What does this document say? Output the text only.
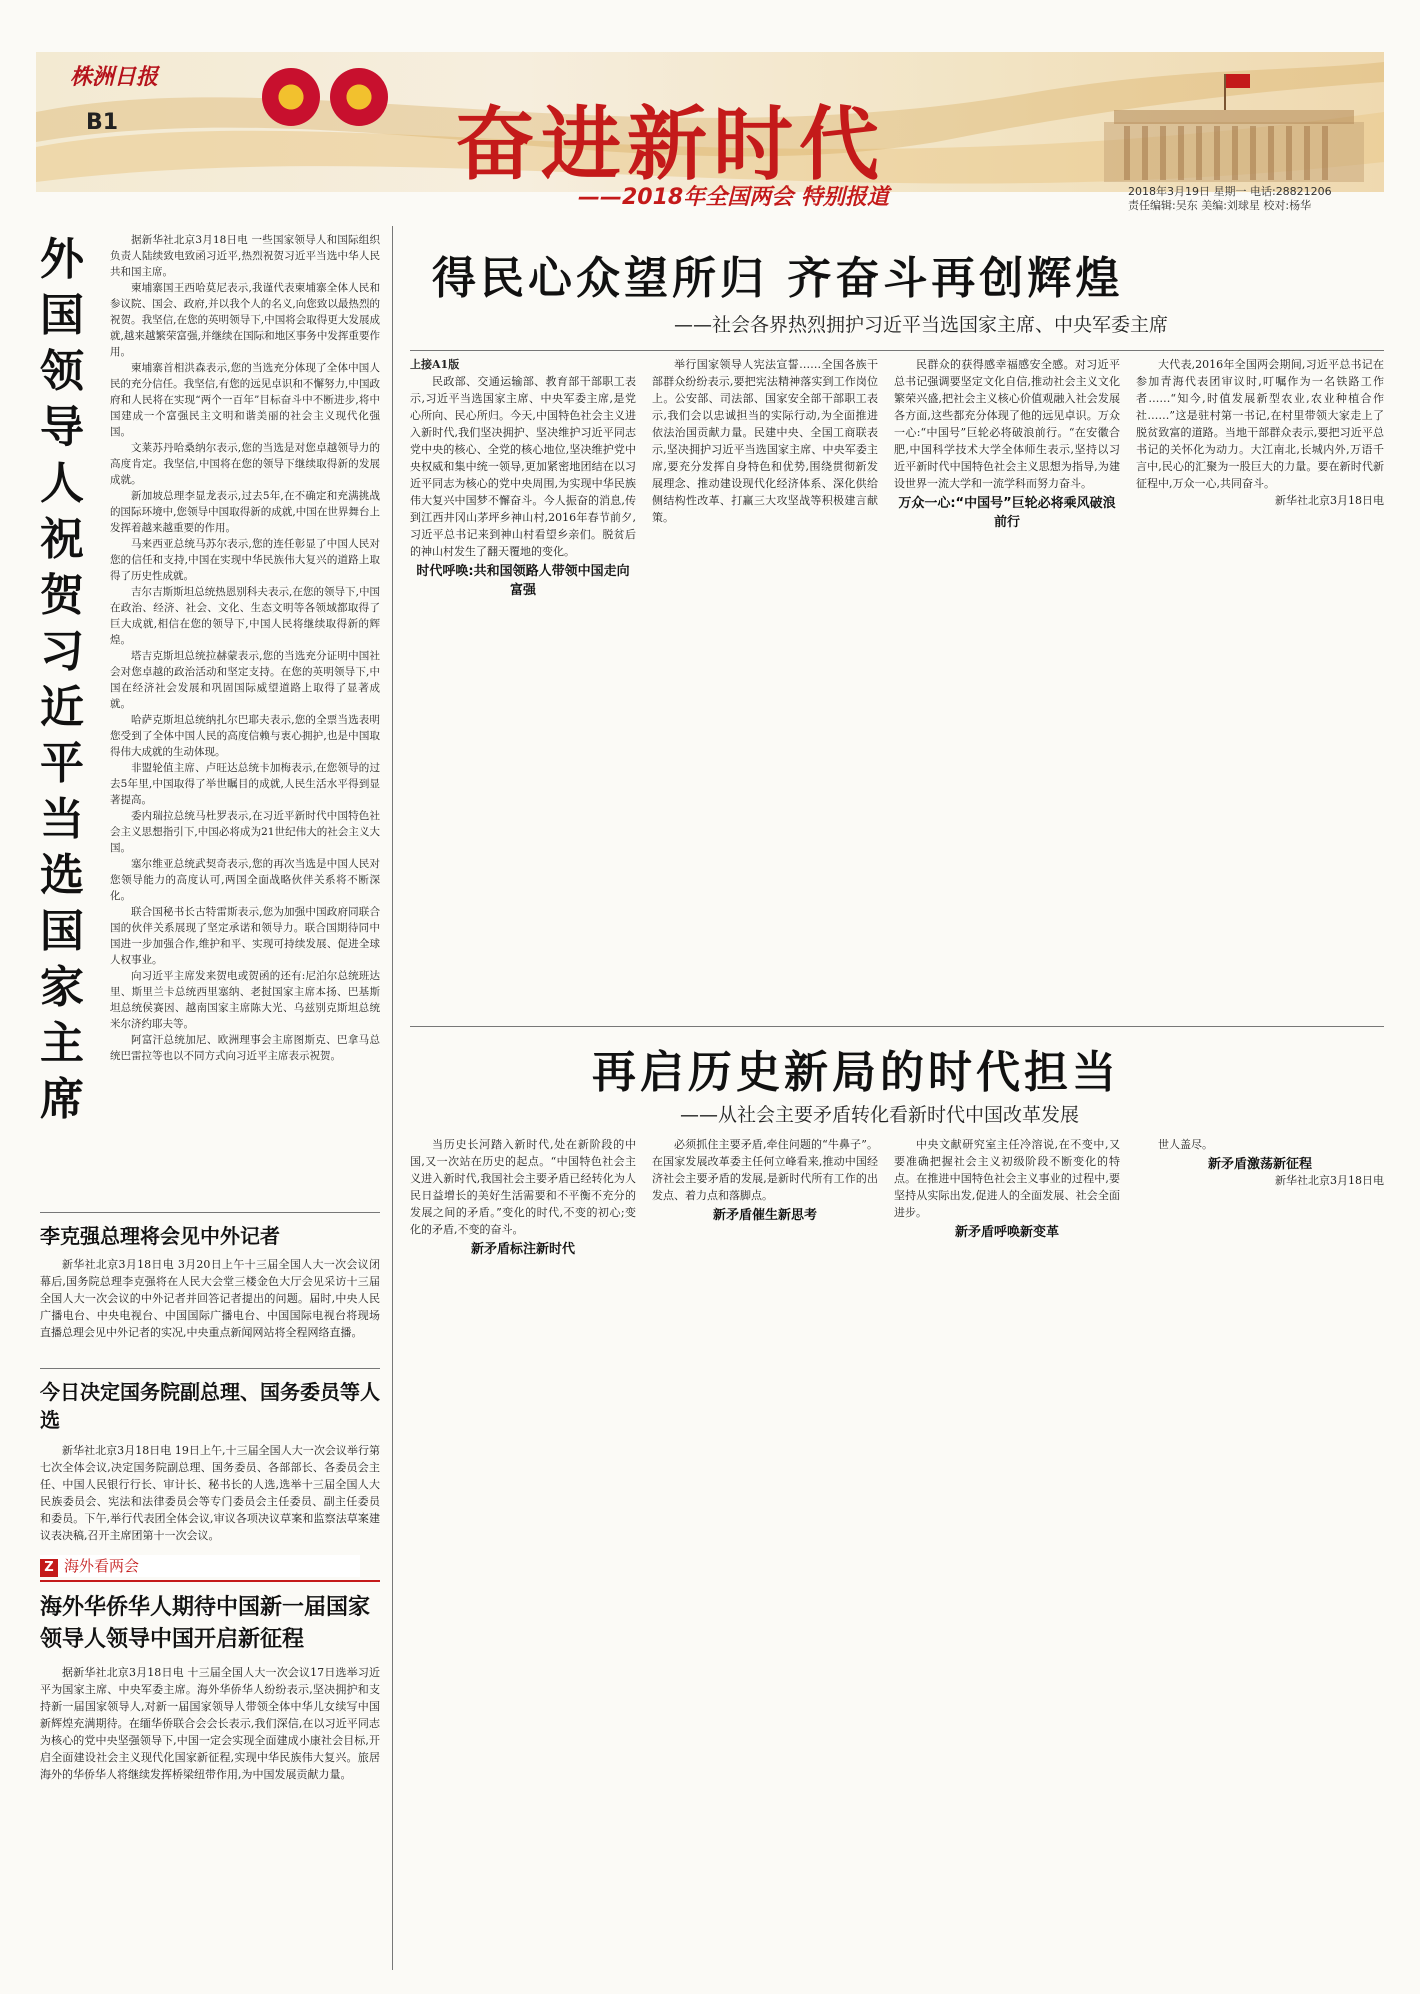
株洲日报
B1	奋进新时代
——2018年全国两会 特别报道	2018年3月19日 星期一 电话:28821206
责任编辑:吴东 美编:刘球星 校对:杨华
外国领导人祝贺习近平当选国家主席

据新华社北京3月18日电 一些国家领导人和国际组织负责人陆续致电致函习近平,热烈祝贺习近平当选中华人民共和国主席。

柬埔寨国王西哈莫尼表示,我谨代表柬埔寨全体人民和参议院、国会、政府,并以我个人的名义,向您致以最热烈的祝贺。我坚信,在您的英明领导下,中国将会取得更大发展成就,越来越繁荣富强,并继续在国际和地区事务中发挥重要作用。

柬埔寨首相洪森表示,您的当选充分体现了全体中国人民的充分信任。我坚信,有您的远见卓识和不懈努力,中国政府和人民将在实现“两个一百年”目标奋斗中不断进步,将中国建成一个富强民主文明和谐美丽的社会主义现代化强国。

文莱苏丹哈桑纳尔表示,您的当选是对您卓越领导力的高度肯定。我坚信,中国将在您的领导下继续取得新的发展成就。

新加坡总理李显龙表示,过去5年,在不确定和充满挑战的国际环境中,您领导中国取得新的成就,中国在世界舞台上发挥着越来越重要的作用。

马来西亚总统马苏尔表示,您的连任彰显了中国人民对您的信任和支持,中国在实现中华民族伟大复兴的道路上取得了历史性成就。

吉尔吉斯斯坦总统热恩别科夫表示,在您的领导下,中国在政治、经济、社会、文化、生态文明等各领域都取得了巨大成就,相信在您的领导下,中国人民将继续取得新的辉煌。

塔吉克斯坦总统拉赫蒙表示,您的当选充分证明中国社会对您卓越的政治活动和坚定支持。在您的英明领导下,中国在经济社会发展和巩固国际威望道路上取得了显著成就。

哈萨克斯坦总统纳扎尔巴耶夫表示,您的全票当选表明您受到了全体中国人民的高度信赖与衷心拥护,也是中国取得伟大成就的生动体现。

非盟轮值主席、卢旺达总统卡加梅表示,在您领导的过去5年里,中国取得了举世瞩目的成就,人民生活水平得到显著提高。

委内瑞拉总统马杜罗表示,在习近平新时代中国特色社会主义思想指引下,中国必将成为21世纪伟大的社会主义大国。

塞尔维亚总统武契奇表示,您的再次当选是中国人民对您领导能力的高度认可,两国全面战略伙伴关系将不断深化。

联合国秘书长古特雷斯表示,您为加强中国政府同联合国的伙伴关系展现了坚定承诺和领导力。联合国期待同中国进一步加强合作,维护和平、实现可持续发展、促进全球人权事业。

向习近平主席发来贺电或贺函的还有:尼泊尔总统班达里、斯里兰卡总统西里塞纳、老挝国家主席本扬、巴基斯坦总统侯赛因、越南国家主席陈大光、乌兹别克斯坦总统米尔济约耶夫等。

阿富汗总统加尼、欧洲理事会主席图斯克、巴拿马总统巴雷拉等也以不同方式向习近平主席表示祝贺。

李克强总理将会见中外记者

新华社北京3月18日电 3月20日上午十三届全国人大一次会议闭幕后,国务院总理李克强将在人民大会堂三楼金色大厅会见采访十三届全国人大一次会议的中外记者并回答记者提出的问题。届时,中央人民广播电台、中央电视台、中国国际广播电台、中国国际电视台将现场直播总理会见中外记者的实况,中央重点新闻网站将全程网络直播。

今日决定国务院副总理、国务委员等人选

新华社北京3月18日电 19日上午,十三届全国人大一次会议举行第七次全体会议,决定国务院副总理、国务委员、各部部长、各委员会主任、中国人民银行行长、审计长、秘书长的人选,选举十三届全国人大民族委员会、宪法和法律委员会等专门委员会主任委员、副主任委员和委员。下午,举行代表团全体会议,审议各项决议草案和监察法草案建议表决稿,召开主席团第十一次会议。

Z 海外看两会
海外华侨华人期待中国新一届国家领导人领导中国开启新征程

据新华社北京3月18日电 十三届全国人大一次会议17日选举习近平为国家主席、中央军委主席。海外华侨华人纷纷表示,坚决拥护和支持新一届国家领导人,对新一届国家领导人带领全体中华儿女续写中国新辉煌充满期待。在缅华侨联合会会长表示,我们深信,在以习近平同志为核心的党中央坚强领导下,中国一定会实现全面建成小康社会目标,开启全面建设社会主义现代化国家新征程,实现中华民族伟大复兴。旅居海外的华侨华人将继续发挥桥梁纽带作用,为中国发展贡献力量。

得民心众望所归 齐奋斗再创辉煌
——社会各界热烈拥护习近平当选国家主席、中央军委主席

上接A1版

民政部、交通运输部、教育部干部职工表示,习近平当选国家主席、中央军委主席,是党心所向、民心所归。今天,中国特色社会主义进入新时代,我们坚决拥护、坚决维护习近平同志党中央的核心、全党的核心地位,坚决维护党中央权威和集中统一领导,更加紧密地团结在以习近平同志为核心的党中央周围,为实现中华民族伟大复兴中国梦不懈奋斗。今人振奋的消息,传到江西井冈山茅坪乡神山村,2016年春节前夕,习近平总书记来到神山村看望乡亲们。脱贫后的神山村发生了翻天覆地的变化。

时代呼唤:共和国领路人带领中国走向富强

举行国家领导人宪法宣誓……全国各族干部群众纷纷表示,要把宪法精神落实到工作岗位上。公安部、司法部、国家安全部干部职工表示,我们会以忠诚担当的实际行动,为全面推进依法治国贡献力量。民建中央、全国工商联表示,坚决拥护习近平当选国家主席、中央军委主席,要充分发挥自身特色和优势,围绕贯彻新发展理念、推动建设现代化经济体系、深化供给侧结构性改革、打赢三大攻坚战等积极建言献策。

民群众的获得感幸福感安全感。对习近平总书记强调要坚定文化自信,推动社会主义文化繁荣兴盛,把社会主义核心价值观融入社会发展各方面,这些都充分体现了他的远见卓识。万众一心:“中国号”巨轮必将破浪前行。“在安徽合肥,中国科学技术大学全体师生表示,坚持以习近平新时代中国特色社会主义思想为指导,为建设世界一流大学和一流学科而努力奋斗。

万众一心:“中国号”巨轮必将乘风破浪前行

大代表,2016年全国两会期间,习近平总书记在参加青海代表团审议时,叮嘱作为一名铁路工作者……“知今,时值发展新型农业,农业种植合作社……”这是驻村第一书记,在村里带领大家走上了脱贫致富的道路。当地干部群众表示,要把习近平总书记的关怀化为动力。大江南北,长城内外,万语千言中,民心的汇聚为一股巨大的力量。要在新时代新征程中,万众一心,共同奋斗。

新华社北京3月18日电

再启历史新局的时代担当
——从社会主要矛盾转化看新时代中国改革发展

当历史长河踏入新时代,处在新阶段的中国,又一次站在历史的起点。“中国特色社会主义进入新时代,我国社会主要矛盾已经转化为人民日益增长的美好生活需要和不平衡不充分的发展之间的矛盾。”变化的时代,不变的初心;变化的矛盾,不变的奋斗。

新矛盾标注新时代

必须抓住主要矛盾,牵住问题的“牛鼻子”。在国家发展改革委主任何立峰看来,推动中国经济社会主要矛盾的发展,是新时代所有工作的出发点、着力点和落脚点。

新矛盾催生新思考

中央文献研究室主任冷溶说,在不变中,又要准确把握社会主义初级阶段不断变化的特点。在推进中国特色社会主义事业的过程中,要坚持从实际出发,促进人的全面发展、社会全面进步。

新矛盾呼唤新变革

世人盖尽。

新矛盾激荡新征程

新华社北京3月18日电
